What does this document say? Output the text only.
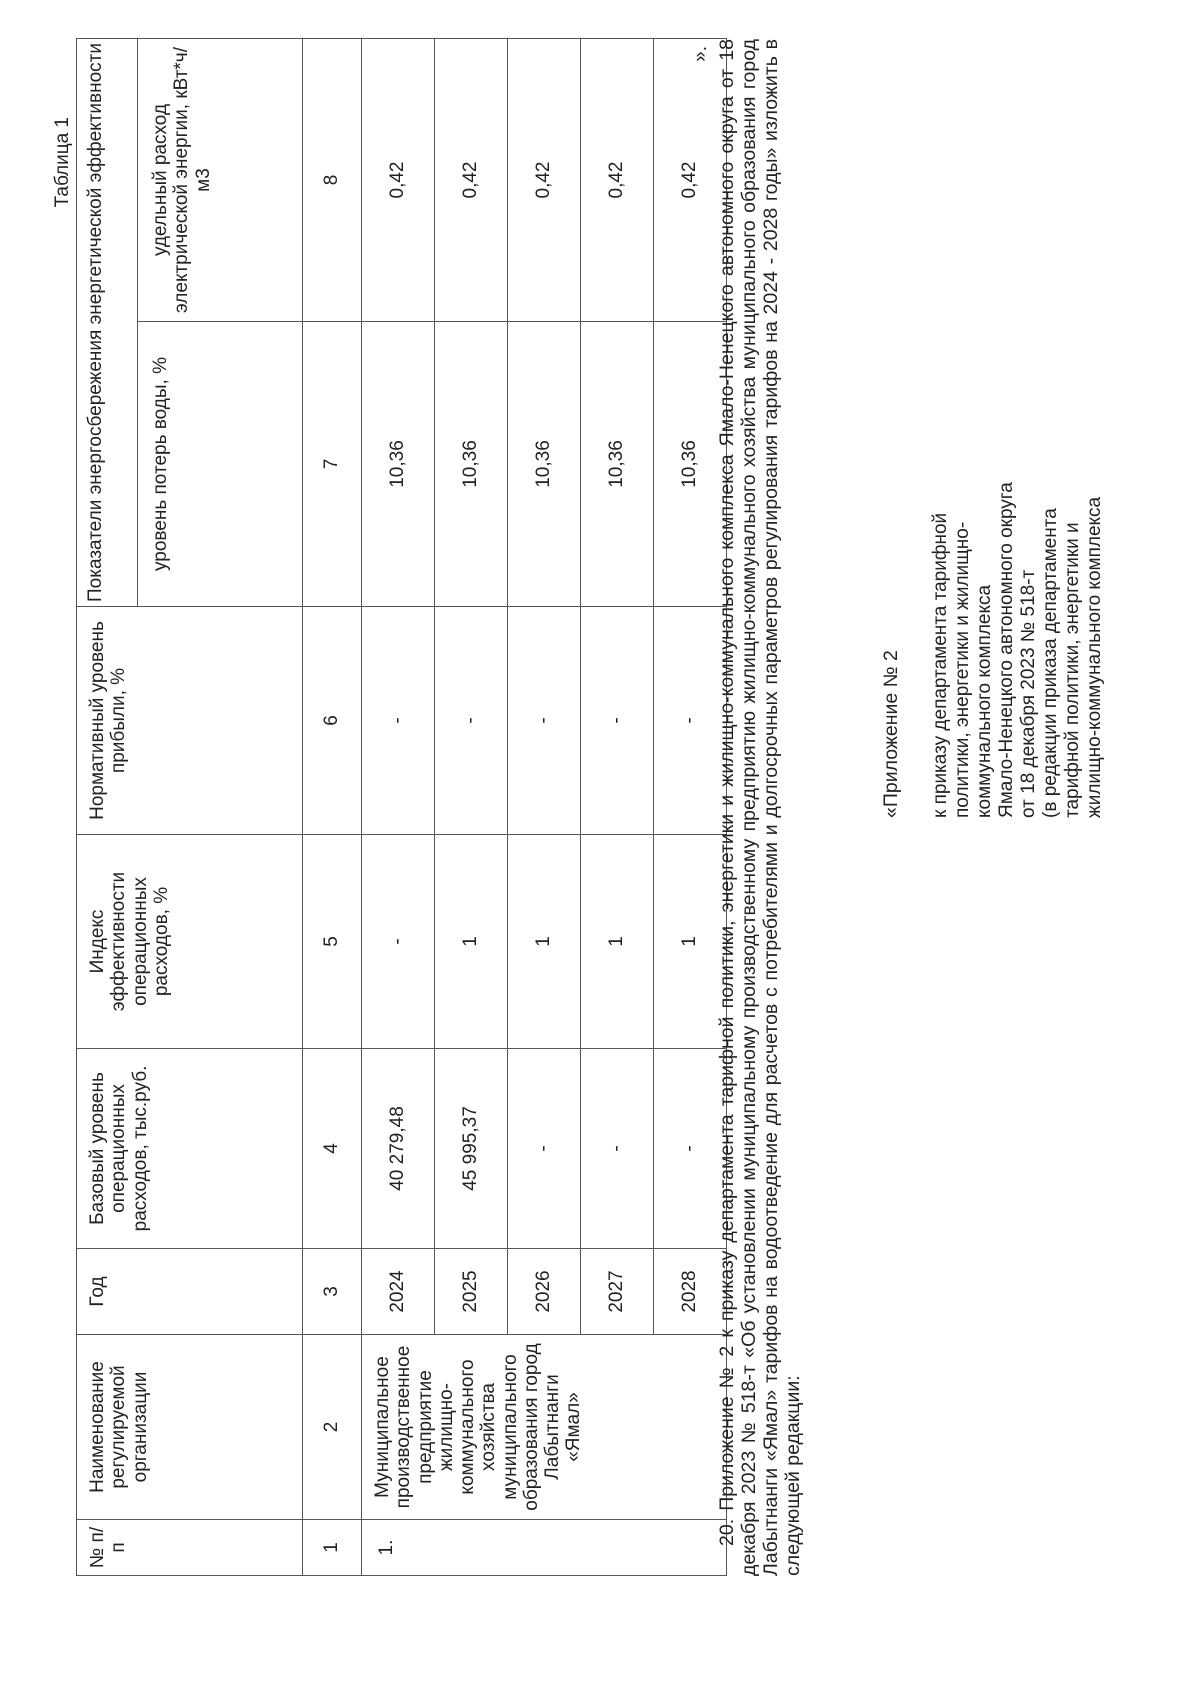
Таблица 1
№ п/п	Наименование регулируемой организации	Год	Базовый уровень операционных расходов, тыс.руб.	Индекс эффективности операционных расходов, %	Нормативный уровень прибыли, %	Показатели энергосбережения энергетической эффективности	
						уровень потерь воды, %	удельный расход электрической энергии, кВт*ч/м3
1	2	3	4	5	6	7	8
1.	Муниципальное производственное предприятие жилищно-коммунального хозяйства муниципального образования город Лабытнанги «Ямал»	2024	40 279,48	-	-	10,36	0,42
		2025	45 995,37	1	-	10,36	0,42
		2026	-	1	-	10,36	0,42
		2027	-	1	-	10,36	0,42
		2028	-	1	-	10,36	0,42
». 20. Приложение № 2 к приказу департамента тарифной политики, энергетики и жилищно-коммунального комплекса Ямало-Ненецкого автономного округа от 18 декабря 2023 № 518-т «Об установлении муниципальному производственному предприятию жилищно-коммунального хозяйства муниципального образования город Лабытнанги «Ямал» тарифов на водоотведение для расчетов с потребителями и долгосрочных параметров регулирования тарифов на 2024 - 2028 годы» изложить в следующей редакции:

«Приложение № 2 к приказу департамента тарифной политики, энергетики и жилищно- коммунального комплекса Ямало-Ненецкого автономного округа от 18 декабря 2023 № 518-т (в редакции приказа департамента тарифной политики, энергетики и жилищно-коммунального комплекса
